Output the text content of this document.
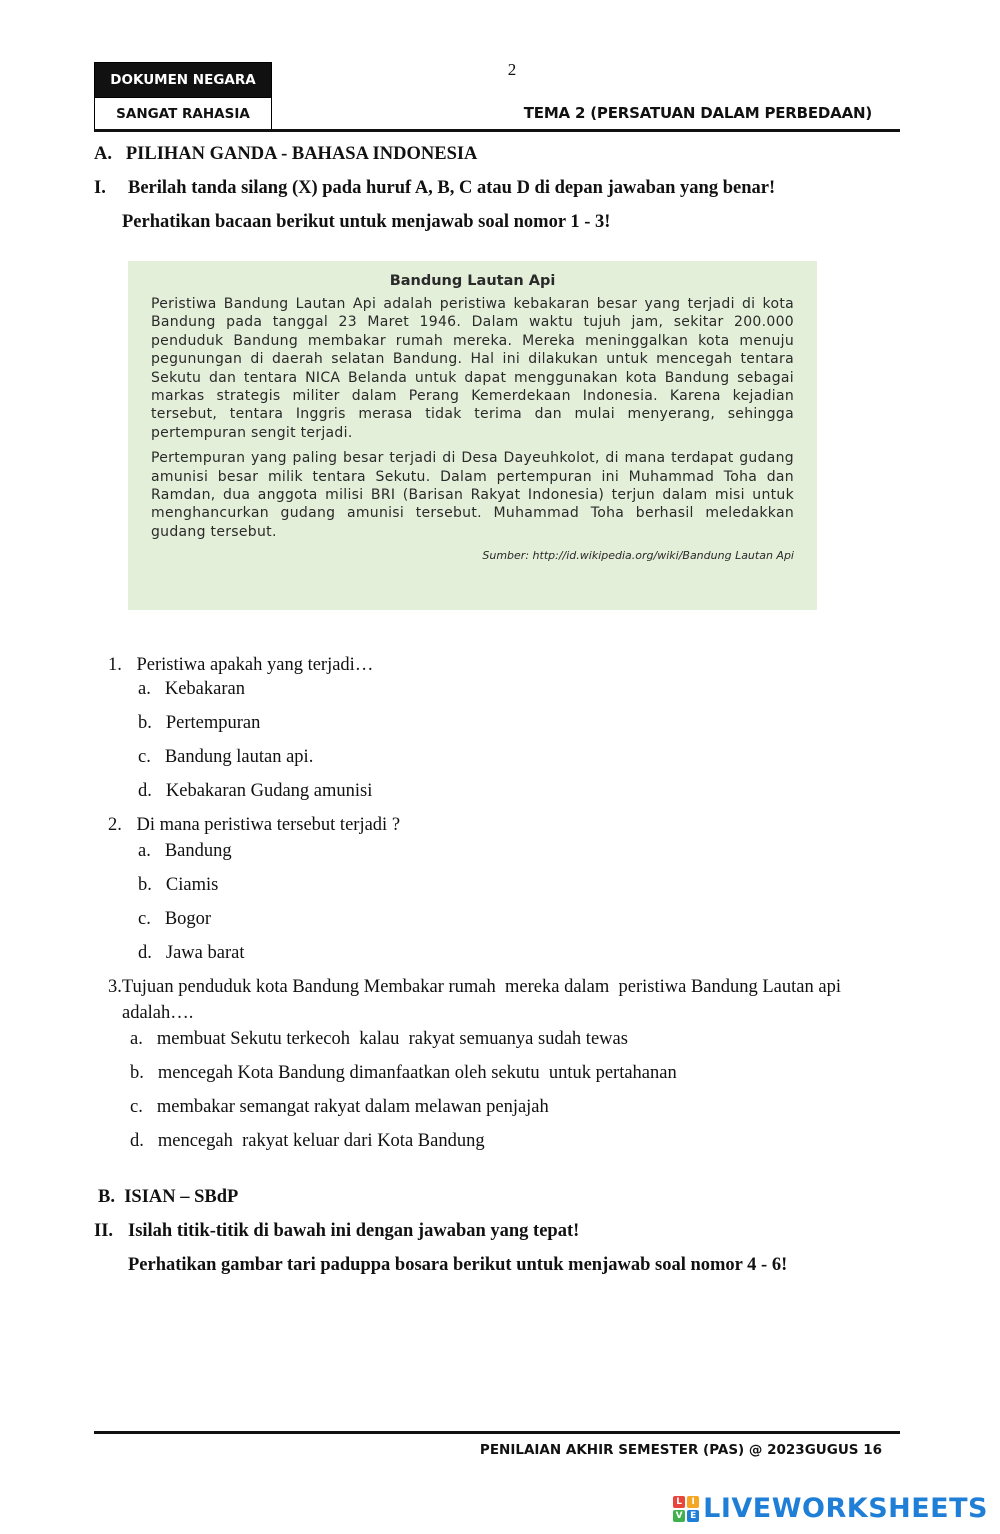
2
DOKUMEN NEGARA
SANGAT RAHASIA	TEMA 2 (PERSATUAN DALAM PERBEDAAN)
A.   PILIHAN GANDA - BAHASA INDONESIA
I. Berilah tanda silang (X) pada huruf A, B, C atau D di depan jawaban yang benar!
Perhatikan bacaan berikut untuk menjawab soal nomor 1 - 3!
Bandung Lautan Api

Peristiwa Bandung Lautan Api adalah peristiwa kebakaran besar yang terjadi di kota Bandung pada tanggal 23 Maret 1946. Dalam waktu tujuh jam, sekitar 200.000 penduduk Bandung membakar rumah mereka. Mereka meninggalkan kota menuju pegunungan di daerah selatan Bandung. Hal ini dilakukan untuk mencegah tentara Sekutu dan tentara NICA Belanda untuk dapat menggunakan kota Bandung sebagai markas strategis militer dalam Perang Kemerdekaan Indonesia. Karena kejadian tersebut, tentara Inggris merasa tidak terima dan mulai menyerang, sehingga pertempuran sengit terjadi.

Pertempuran yang paling besar terjadi di Desa Dayeuhkolot, di mana terdapat gudang amunisi besar milik tentara Sekutu. Dalam pertempuran ini Muhammad Toha dan Ramdan, dua anggota milisi BRI (Barisan Rakyat Indonesia) terjun dalam misi untuk menghancurkan gudang amunisi tersebut. Muhammad Toha berhasil meledakkan gudang tersebut.

Sumber: http://id.wikipedia.org/wiki/Bandung Lautan Api
1. Peristiwa apakah yang terjadi…
a. Kebakaran
b. Pertempuran
c. Bandung lautan api.
d. Kebakaran Gudang amunisi
2. Di mana peristiwa tersebut terjadi ?
a. Bandung
b. Ciamis
c. Bogor
d. Jawa barat
3.Tujuan penduduk kota Bandung Membakar rumah  mereka dalam  peristiwa Bandung Lautan api
adalah….
a. membuat Sekutu terkecoh  kalau  rakyat semuanya sudah tewas
b. mencegah Kota Bandung dimanfaatkan oleh sekutu  untuk pertahanan
c. membakar semangat rakyat dalam melawan penjajah
d. mencegah  rakyat keluar dari Kota Bandung
B.  ISIAN – SBdP
II. Isilah titik-titik di bawah ini dengan jawaban yang tepat!
Perhatikan gambar tari paduppa bosara berikut untuk menjawab soal nomor 4 - 6!
PENILAIAN AKHIR SEMESTER (PAS) @ 2023GUGUS 16
L	I
V E LIVEWORKSHEETS
